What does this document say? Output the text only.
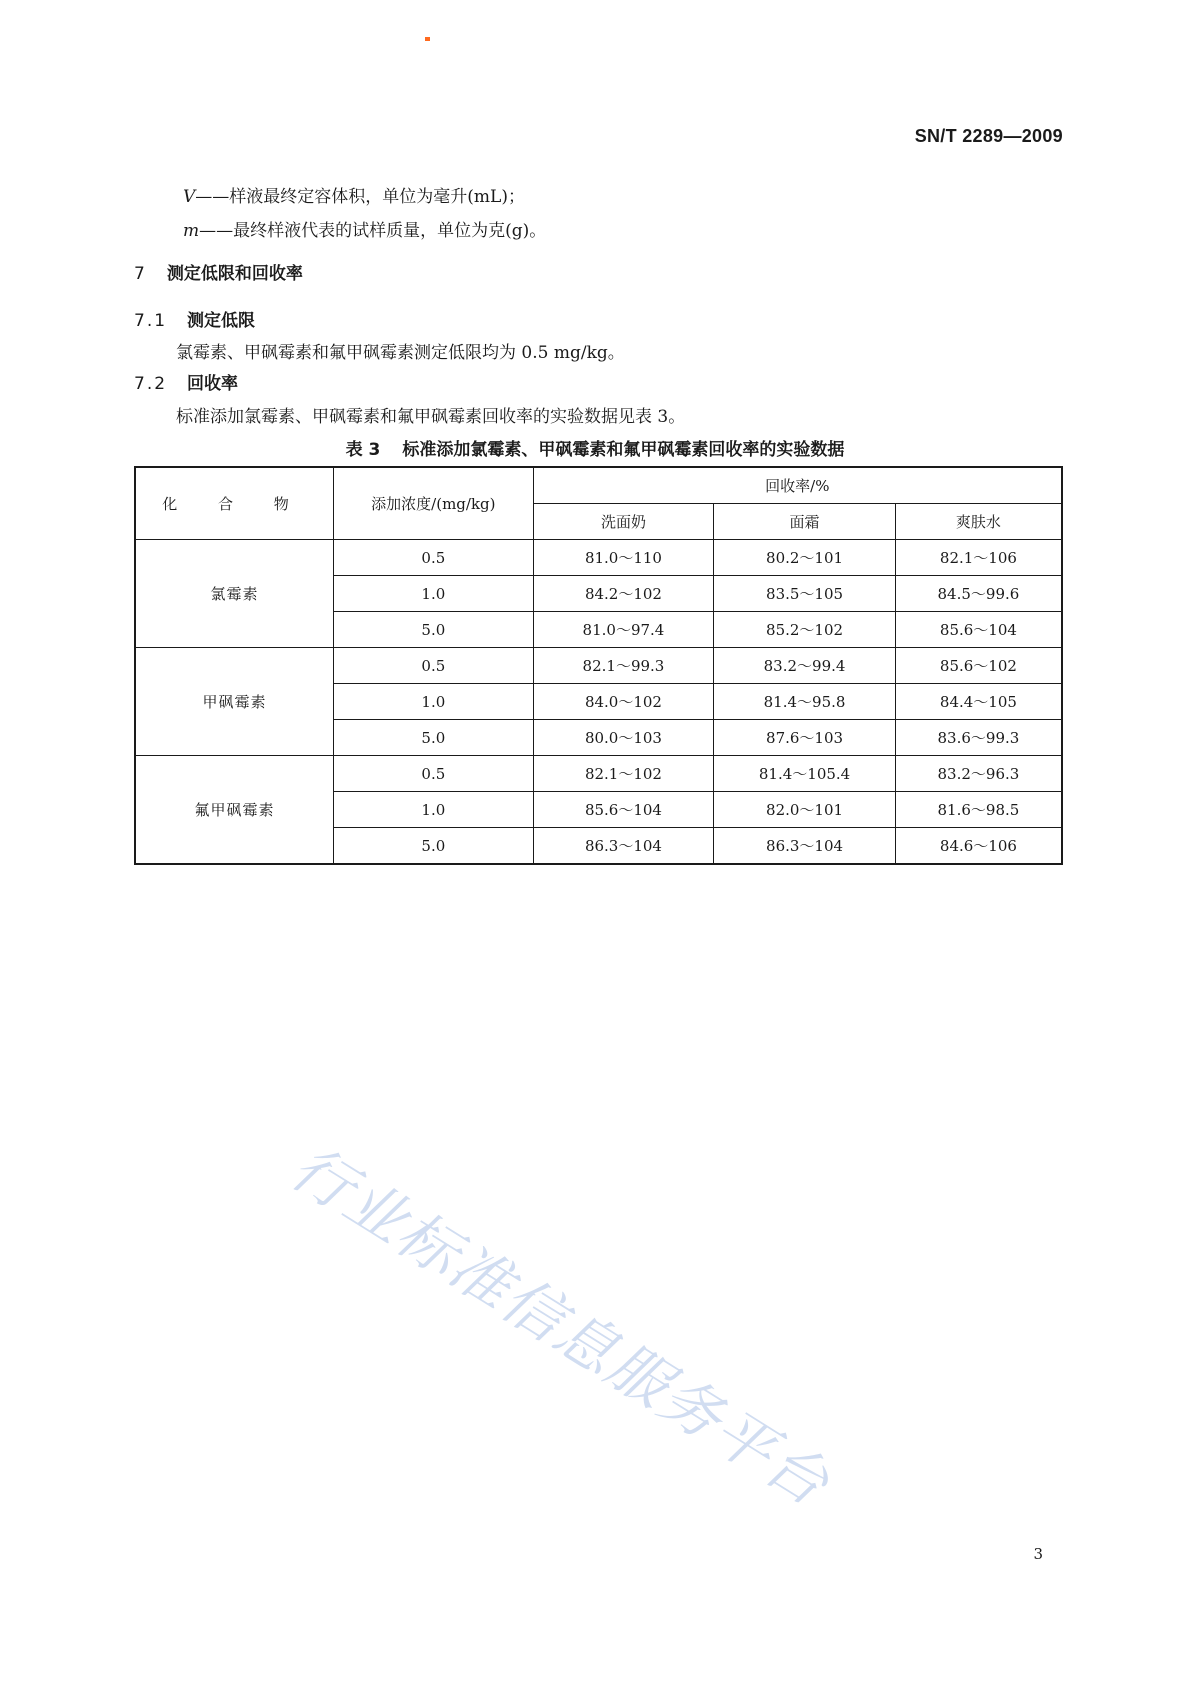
SN/T 2289—2009
V——样液最终定容体积，单位为毫升(mL)；
m——最终样液代表的试样质量，单位为克(g)。
7 测定低限和回收率
7.1 测定低限
氯霉素、甲砜霉素和氟甲砜霉素测定低限均为 0.5 mg/kg。
7.2 回收率
标准添加氯霉素、甲砜霉素和氟甲砜霉素回收率的实验数据见表 3。
表 3 标准添加氯霉素、甲砜霉素和氟甲砜霉素回收率的实验数据
化 合 物	添加浓度/(mg/kg)	回收率/%		
		洗面奶	面霜	爽肤水
氯霉素	0.5	81.0～110	80.2～101	82.1～106
	1.0	84.2～102	83.5～105	84.5～99.6
	5.0	81.0～97.4	85.2～102	85.6～104
甲砜霉素	0.5	82.1～99.3	83.2～99.4	85.6～102
	1.0	84.0～102	81.4～95.8	84.4～105
	5.0	80.0～103	87.6～103	83.6～99.3
氟甲砜霉素	0.5	82.1～102	81.4～105.4	83.2～96.3
	1.0	85.6～104	82.0～101	81.6～98.5
	5.0	86.3～104	86.3～104	84.6～106
行业标准信息服务平台
3
